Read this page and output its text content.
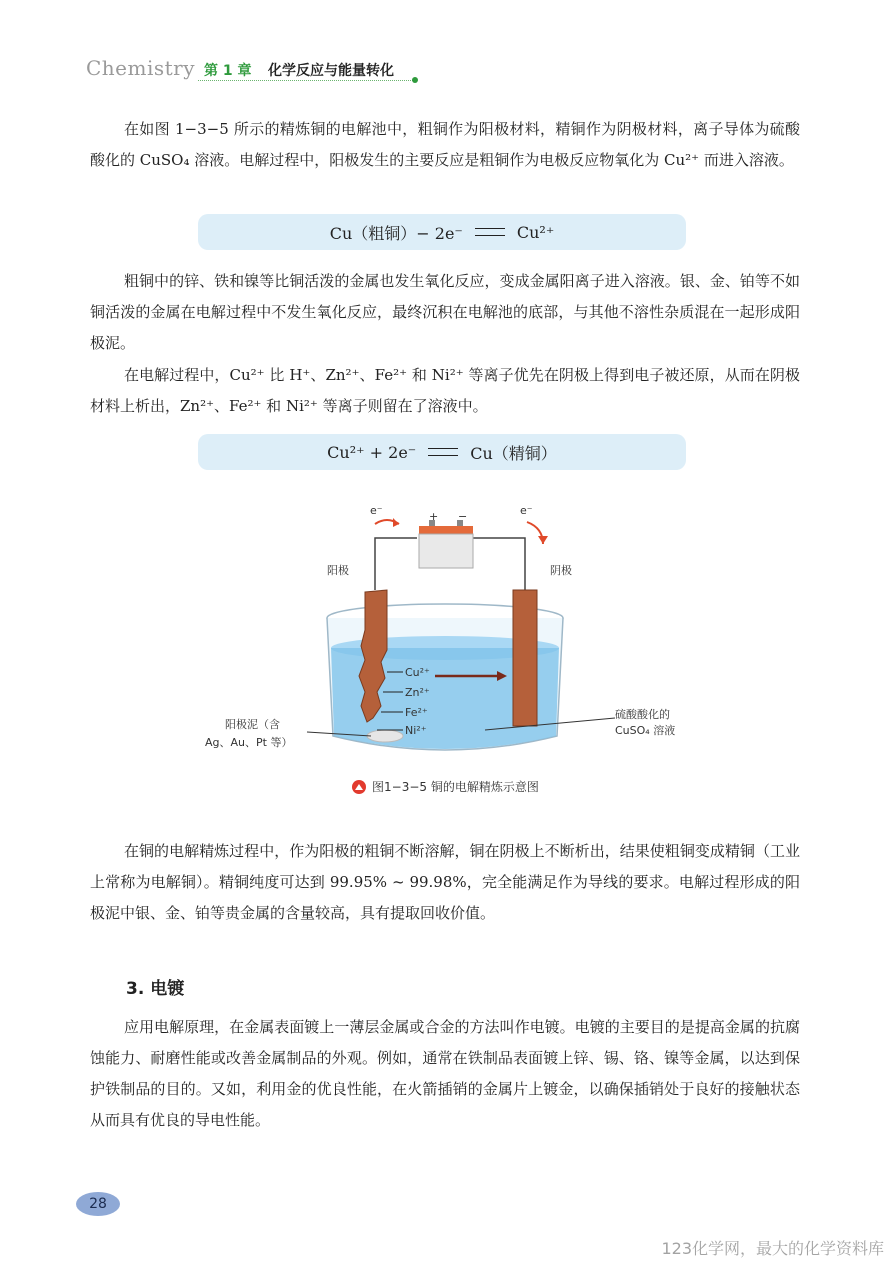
Chemistry 第 1 章 化学反应与能量转化

在如图 1−3−5 所示的精炼铜的电解池中，粗铜作为阳极材料，精铜作为阴极材料，离子导体为硫酸酸化的 CuSO₄ 溶液。电解过程中，阳极发生的主要反应是粗铜作为电极反应物氧化为 Cu²⁺ 而进入溶液。

Cu（粗铜）− 2e⁻	Cu²⁺

粗铜中的锌、铁和镍等比铜活泼的金属也发生氧化反应，变成金属阳离子进入溶液。银、金、铂等不如铜活泼的金属在电解过程中不发生氧化反应，最终沉积在电解池的底部，与其他不溶性杂质混在一起形成阳极泥。

在电解过程中，Cu²⁺ 比 H⁺、Zn²⁺、Fe²⁺ 和 Ni²⁺ 等离子优先在阴极上得到电子被还原，从而在阴极材料上析出，Zn²⁺、Fe²⁺ 和 Ni²⁺ 等离子则留在了溶液中。

Cu²⁺ + 2e⁻	Cu（精铜）
+ −
e⁻	e⁻
阳极	阴极
Cu²⁺
Zn²⁺
Fe²⁺
Ni²⁺
阳极泥（含
Ag、Au、Pt 等）
硫酸酸化的
CuSO₄ 溶液
图1−3−5 铜的电解精炼示意图

在铜的电解精炼过程中，作为阳极的粗铜不断溶解，铜在阴极上不断析出，结果使粗铜变成精铜（工业上常称为电解铜）。精铜纯度可达到 99.95% ~ 99.98%，完全能满足作为导线的要求。电解过程形成的阳极泥中银、金、铂等贵金属的含量较高，具有提取回收价值。

3. 电镀

应用电解原理，在金属表面镀上一薄层金属或合金的方法叫作电镀。电镀的主要目的是提高金属的抗腐蚀能力、耐磨性能或改善金属制品的外观。例如，通常在铁制品表面镀上锌、锡、铬、镍等金属，以达到保护铁制品的目的。又如，利用金的优良性能，在火箭插销的金属片上镀金，以确保插销处于良好的接触状态从而具有优良的导电性能。

28
123化学网，最大的化学资料库
